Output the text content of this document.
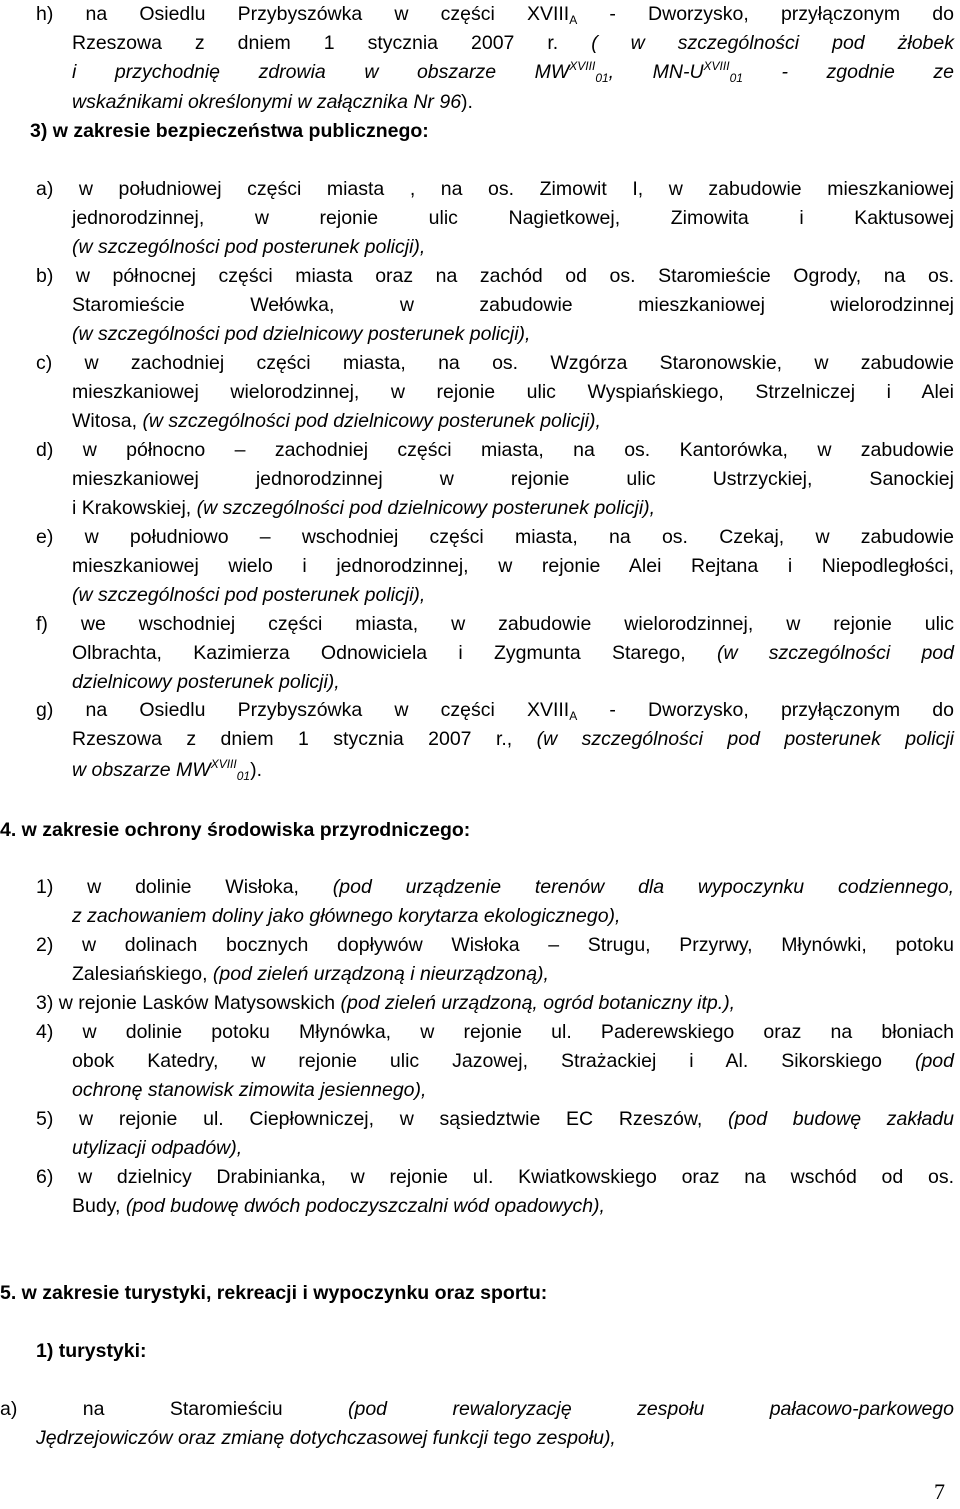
h) na Osiedlu Przybyszówka w części $XVIII_A$ - Dworzysko, przyłączonym do
Rzeszowa z dniem 1 stycznia 2007 r. ( w szczególności pod żłobek
i przychodnię zdrowia w obszarze $MW^{XVIII}_{01}$, $MN-U^{XVIII}_{01}$ - zgodnie ze
wskaźnikami określonymi w załącznika Nr 96).
3) w zakresie bezpieczeństwa publicznego:
a) w południowej części miasta , na os. Zimowit I, w zabudowie mieszkaniowej
jednorodzinnej, w rejonie ulic Nagietkowej, Zimowita i Kaktusowej
(w szczególności pod posterunek policji),
b) w północnej części miasta oraz na zachód od os. Staromieście Ogrody, na os.
Staromieście Wełówka, w zabudowie mieszkaniowej wielorodzinnej
(w szczególności pod dzielnicowy posterunek policji),
c) w zachodniej części miasta, na os. Wzgórza Staronowskie, w zabudowie
mieszkaniowej wielorodzinnej, w rejonie ulic Wyspiańskiego, Strzelniczej i Alei
Witosa, (w szczególności pod dzielnicowy posterunek policji),
d) w północno – zachodniej części miasta, na os. Kantorówka, w zabudowie
mieszkaniowej jednorodzinnej w rejonie ulic Ustrzyckiej, Sanockiej
i Krakowskiej, (w szczególności pod dzielnicowy posterunek policji),
e) w południowo – wschodniej części miasta, na os. Czekaj, w zabudowie
mieszkaniowej wielo i jednorodzinnej, w rejonie Alei Rejtana i Niepodległości,
(w szczególności pod posterunek policji),
f) we wschodniej części miasta, w zabudowie wielorodzinnej, w rejonie ulic
Olbrachta, Kazimierza Odnowiciela i Zygmunta Starego, (w szczególności pod
dzielnicowy posterunek policji),
g) na Osiedlu Przybyszówka w części $XVIII_A$ - Dworzysko, przyłączonym do
Rzeszowa z dniem 1 stycznia 2007 r., (w szczególności pod posterunek policji
w obszarze $MW^{XVIII}_{01}$).
4. w zakresie ochrony środowiska przyrodniczego:
1) w dolinie Wisłoka, (pod urządzenie terenów dla wypoczynku codziennego,
z zachowaniem doliny jako głównego korytarza ekologicznego),
2) w dolinach bocznych dopływów Wisłoka – Strugu, Przyrwy, Młynówki, potoku
Zalesiańskiego, (pod zieleń urządzoną i nieurządzoną),
3) w rejonie Lasków Matysowskich (pod zieleń urządzoną, ogród botaniczny itp.),
4) w dolinie potoku Młynówka, w rejonie ul. Paderewskiego oraz na błoniach
obok Katedry, w rejonie ulic Jazowej, Strażackiej i Al. Sikorskiego (pod
ochronę stanowisk zimowita jesiennego),
5) w rejonie ul. Ciepłowniczej, w sąsiedztwie EC Rzeszów, (pod budowę zakładu
utylizacji odpadów),
6) w dzielnicy Drabinianka, w rejonie ul. Kwiatkowskiego oraz na wschód od os.
Budy, (pod budowę dwóch podoczyszczalni wód opadowych),
5. w zakresie turystyki, rekreacji i wypoczynku oraz sportu:
1) turystyki:
a) na Staromieściu (pod rewaloryzację zespołu pałacowo-parkowego
Jędrzejowiczów oraz zmianę dotychczasowej funkcji tego zespołu),
7
